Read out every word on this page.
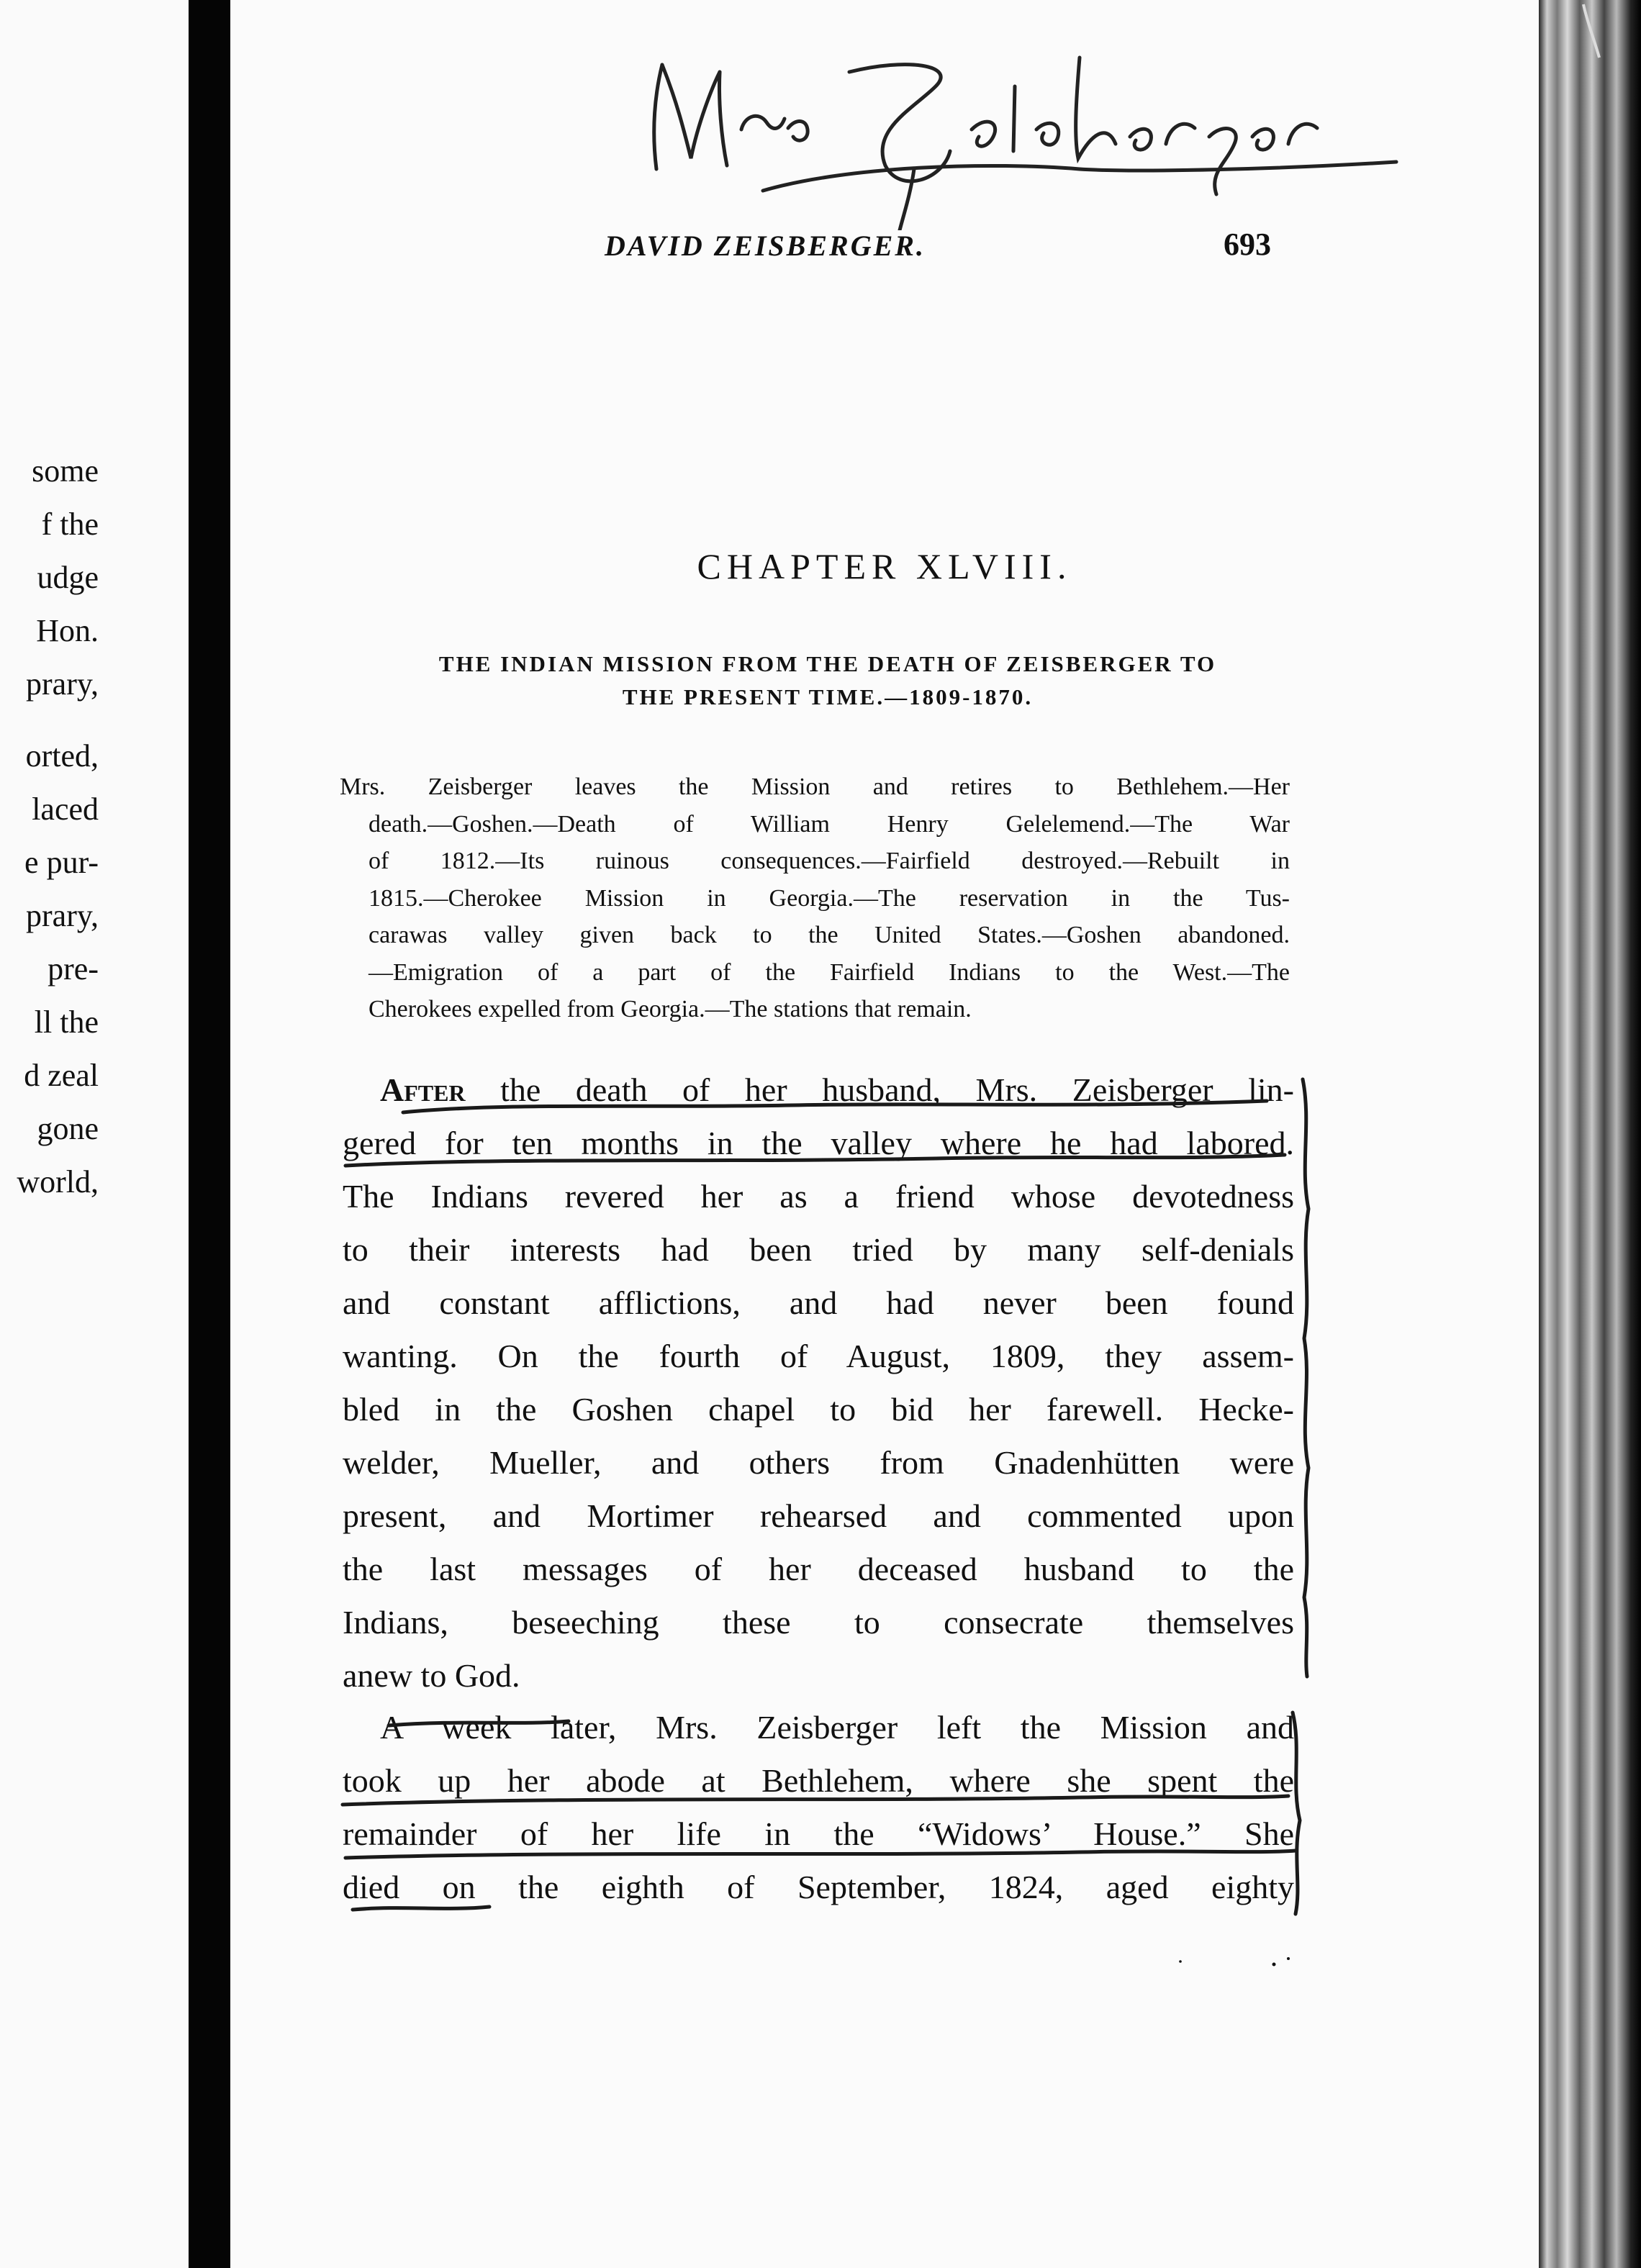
some
f the
udge
Hon.
prary,
orted,
laced
e pur-
prary,
pre-
ll the
d zeal
gone
world,
Mrs Zeisberger
DAVID ZEISBERGER.	693
CHAPTER XLVIII.
THE INDIAN MISSION FROM THE DEATH OF ZEISBERGER TO
THE PRESENT TIME.—1809-1870.
Mrs. Zeisberger leaves the Mission and retires to Bethlehem.—Her
death.—Goshen.—Death of William Henry Gelelemend.—The War
of 1812.—Its ruinous consequences.—Fairfield destroyed.—Rebuilt in
1815.—Cherokee Mission in Georgia.—The reservation in the Tus-
carawas valley given back to the United States.—Goshen abandoned.
—Emigration of a part of the Fairfield Indians to the West.—The
Cherokees expelled from Georgia.—The stations that remain.
After the death of her husband, Mrs. Zeisberger lin-
gered for ten months in the valley where he had labored.
The Indians revered her as a friend whose devotedness
to their interests had been tried by many self-denials
and constant afflictions, and had never been found
wanting. On the fourth of August, 1809, they assem-
bled in the Goshen chapel to bid her farewell. Hecke-
welder, Mueller, and others from Gnadenhütten were
present, and Mortimer rehearsed and commented upon
the last messages of her deceased husband to the
Indians, beseeching these to consecrate themselves
anew to God.
A week later, Mrs. Zeisberger left the Mission and
took up her abode at Bethlehem, where she spent the
remainder of her life in the “Widows’ House.” She
died on the eighth of September, 1824, aged eighty
